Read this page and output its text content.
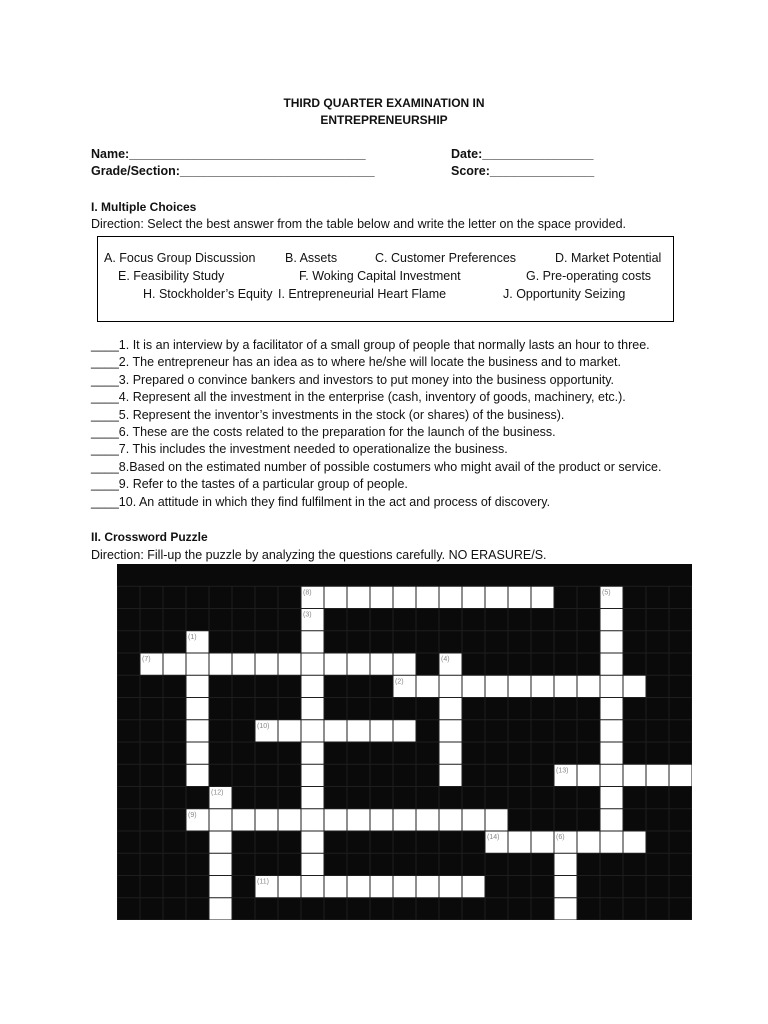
THIRD QUARTER EXAMINATION IN
ENTREPRENEURSHIP
Name:__________________________________	Date:________________
Grade/Section:____________________________	Score:_______________
I. Multiple Choices
Direction: Select the best answer from the table below and write the letter on the space provided.
A. Focus Group Discussion B. Assets	C. Customer Preferences	D. Market Potential
E. Feasibility Study	F. Woking Capital Investment	G. Pre-operating costs
H. Stockholder’s Equity I. Entrepreneurial Heart Flame	J. Opportunity Seizing
____1. It is an interview by a facilitator of a small group of people that normally lasts an hour to three.
____2. The entrepreneur has an idea as to where he/she will locate the business and to market.
____3. Prepared o convince bankers and investors to put money into the business opportunity.
____4. Represent all the investment in the enterprise (cash, inventory of goods, machinery, etc.).
____5. Represent the inventor’s investments in the stock (or shares) of the business).
____6. These are the costs related to the preparation for the launch of the business.
____7. This includes the investment needed to operationalize the business.
____8.Based on the estimated number of possible costumers who might avail of the product or service.
____9. Refer to the tastes of a particular group of people.
____10. An attitude in which they find fulfilment in the act and process of discovery.
II. Crossword Puzzle
Direction: Fill-up the puzzle by analyzing the questions carefully. NO ERASURE/S.
(8)
(3)
(5)
(1)
(7)	(4)
(2)
(10)
(13)
(12)
(9)
(14)	(6)
(11)
